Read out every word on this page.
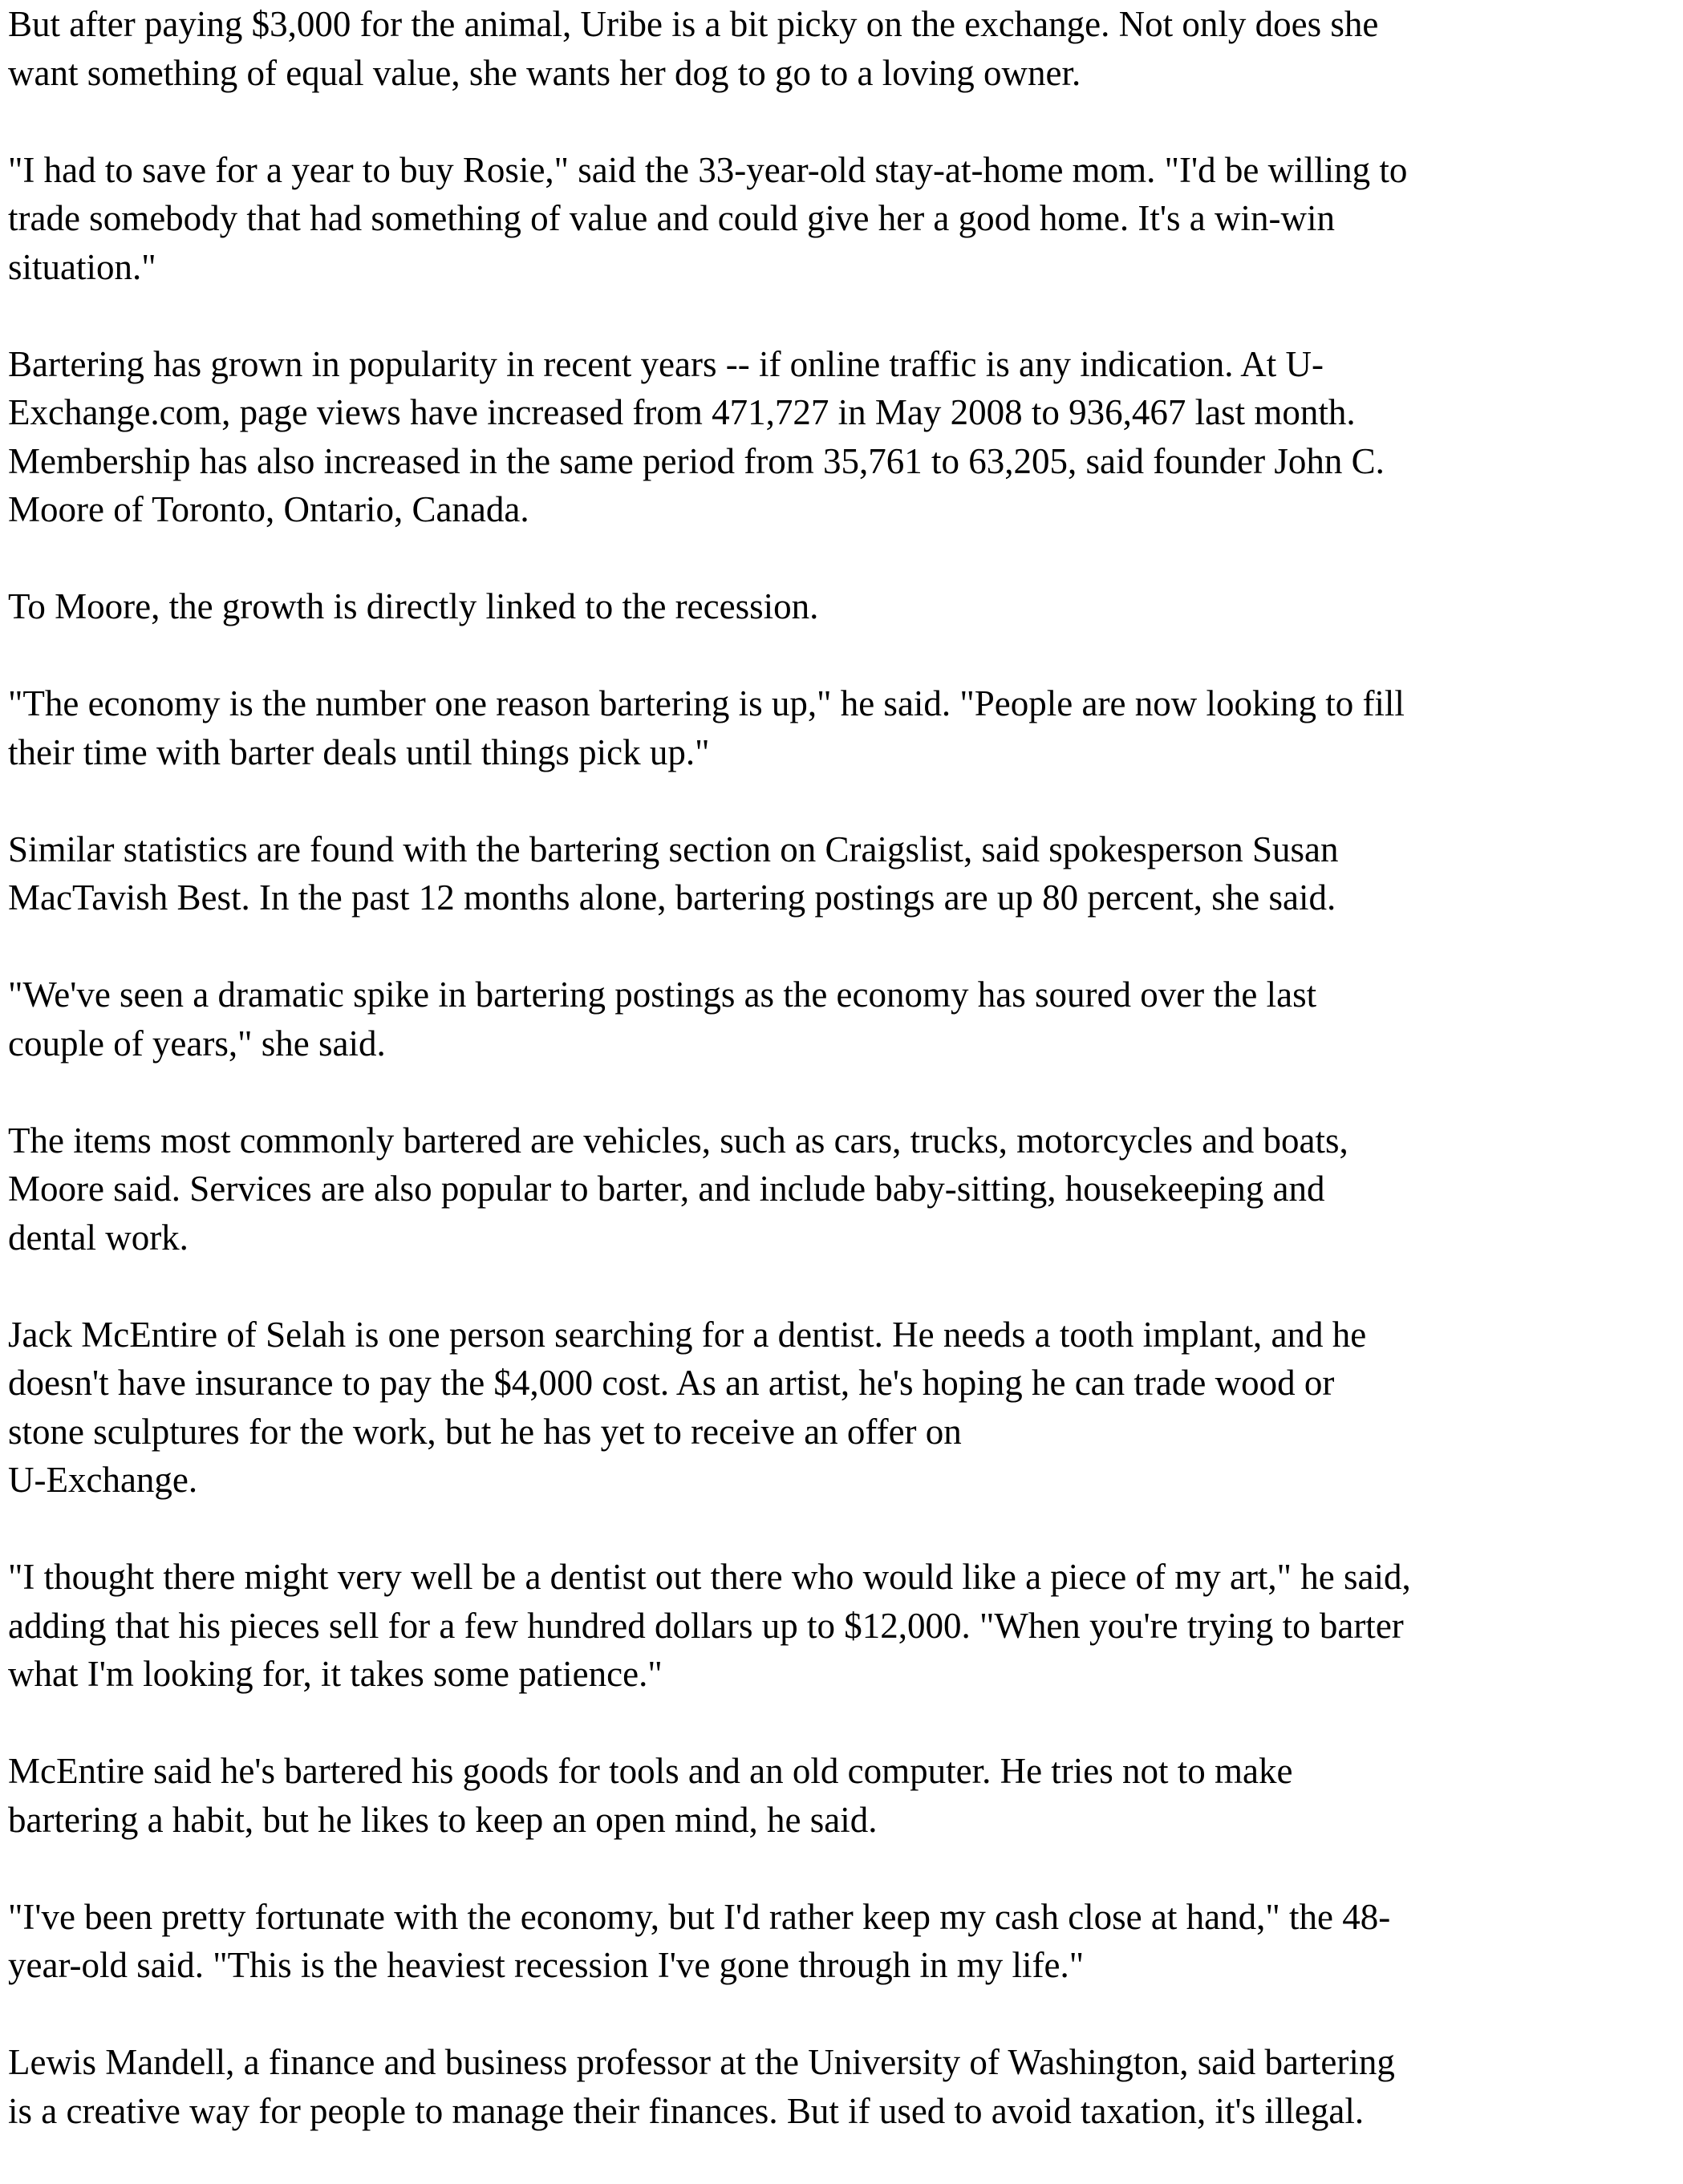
But after paying $3,000 for the animal, Uribe is a bit picky on the exchange. Not only does she
want something of equal value, she wants her dog to go to a loving owner.

"I had to save for a year to buy Rosie," said the 33-year-old stay-at-home mom. "I'd be willing to
trade somebody that had something of value and could give her a good home. It's a win-win
situation."

Bartering has grown in popularity in recent years -- if online traffic is any indication. At U-
Exchange.com, page views have increased from 471,727 in May 2008 to 936,467 last month.
Membership has also increased in the same period from 35,761 to 63,205, said founder John C.
Moore of Toronto, Ontario, Canada.

To Moore, the growth is directly linked to the recession.

"The economy is the number one reason bartering is up," he said. "People are now looking to fill
their time with barter deals until things pick up."

Similar statistics are found with the bartering section on Craigslist, said spokesperson Susan
MacTavish Best. In the past 12 months alone, bartering postings are up 80 percent, she said.

"We've seen a dramatic spike in bartering postings as the economy has soured over the last
couple of years," she said.

The items most commonly bartered are vehicles, such as cars, trucks, motorcycles and boats,
Moore said. Services are also popular to barter, and include baby-sitting, housekeeping and
dental work.

Jack McEntire of Selah is one person searching for a dentist. He needs a tooth implant, and he
doesn't have insurance to pay the $4,000 cost. As an artist, he's hoping he can trade wood or
stone sculptures for the work, but he has yet to receive an offer on
U-Exchange.

"I thought there might very well be a dentist out there who would like a piece of my art," he said,
adding that his pieces sell for a few hundred dollars up to $12,000. "When you're trying to barter
what I'm looking for, it takes some patience."

McEntire said he's bartered his goods for tools and an old computer. He tries not to make
bartering a habit, but he likes to keep an open mind, he said.

"I've been pretty fortunate with the economy, but I'd rather keep my cash close at hand," the 48-
year-old said. "This is the heaviest recession I've gone through in my life."

Lewis Mandell, a finance and business professor at the University of Washington, said bartering
is a creative way for people to manage their finances. But if used to avoid taxation, it's illegal.
